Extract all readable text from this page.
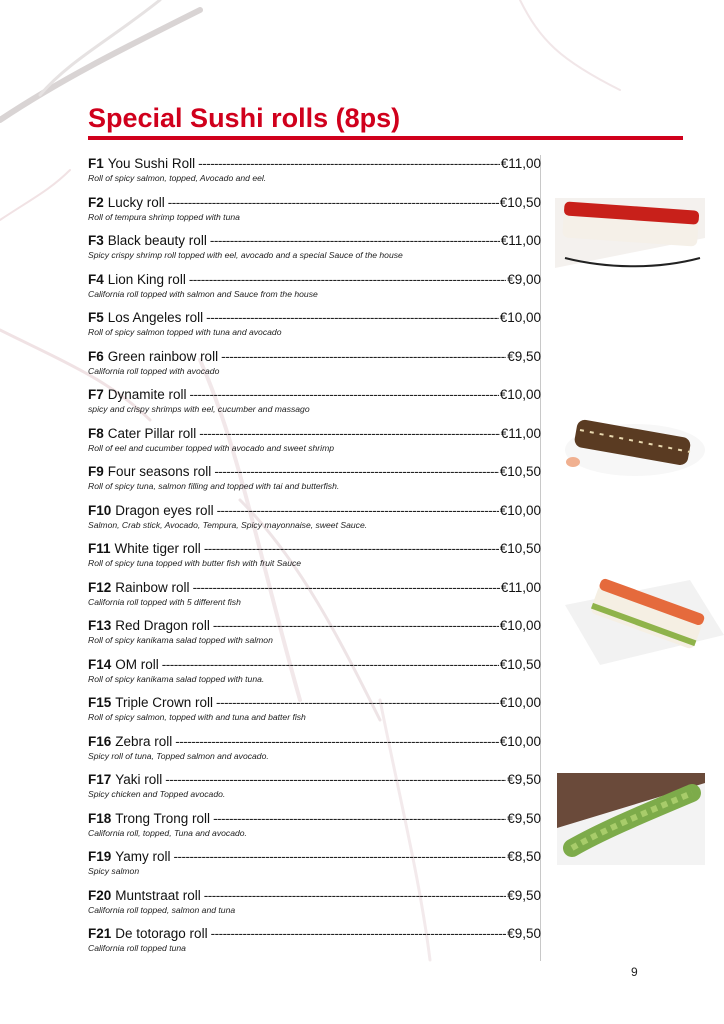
Special Sushi rolls (8ps)
F1 You Sushi Roll -----	€11,00
Roll of spicy salmon, topped, Avocado and eel.
F2 Lucky roll -----	€10,50
Roll of tempura shrimp topped with tuna
F3 Black beauty roll -----	€11,00
Spicy crispy shrimp roll topped with eel, avocado and a special Sauce of the house
F4 Lion King roll -----	€9,00
California roll topped with salmon and Sauce from the house
F5 Los Angeles roll -----	€10,00
Roll of spicy salmon topped with tuna and avocado
F6 Green rainbow roll -----	€9,50
California roll topped with avocado
F7 Dynamite roll -----	€10,00
spicy and crispy shrimps with eel, cucumber and massago
F8 Cater Pillar roll -----	€11,00
Roll of eel and cucumber topped with avocado and sweet shrimp
F9 Four seasons roll -----	€10,50
Roll of spicy tuna, salmon filling and topped with tai and butterfish.
F10 Dragon eyes roll -----	€10,00
Salmon, Crab stick, Avocado, Tempura, Spicy mayonnaise, sweet Sauce.
F11 White tiger roll -----	€10,50
Roll of spicy tuna topped with butter fish with fruit Sauce
F12 Rainbow roll -----	€11,00
California roll topped with 5 different fish
F13 Red Dragon roll -----	€10,00
Roll of spicy kanikama salad topped with salmon
F14 OM roll -----	€10,50
Roll of spicy kanikama salad topped with tuna.
F15 Triple Crown roll -----	€10,00
Roll of spicy salmon, topped with and tuna and batter fish
F16 Zebra roll -----	€10,00
Spicy roll of tuna, Topped salmon and avocado.
F17 Yaki roll -----	€9,50
Spicy chicken and Topped avocado.
F18 Trong Trong roll -----	€9,50
California roll, topped, Tuna and avocado.
F19 Yamy roll -----	€8,50
Spicy salmon
F20 Muntstraat roll -----	€9,50
California roll topped, salmon and tuna
F21 De totorago roll -----	€9,50
California roll topped tuna
9
